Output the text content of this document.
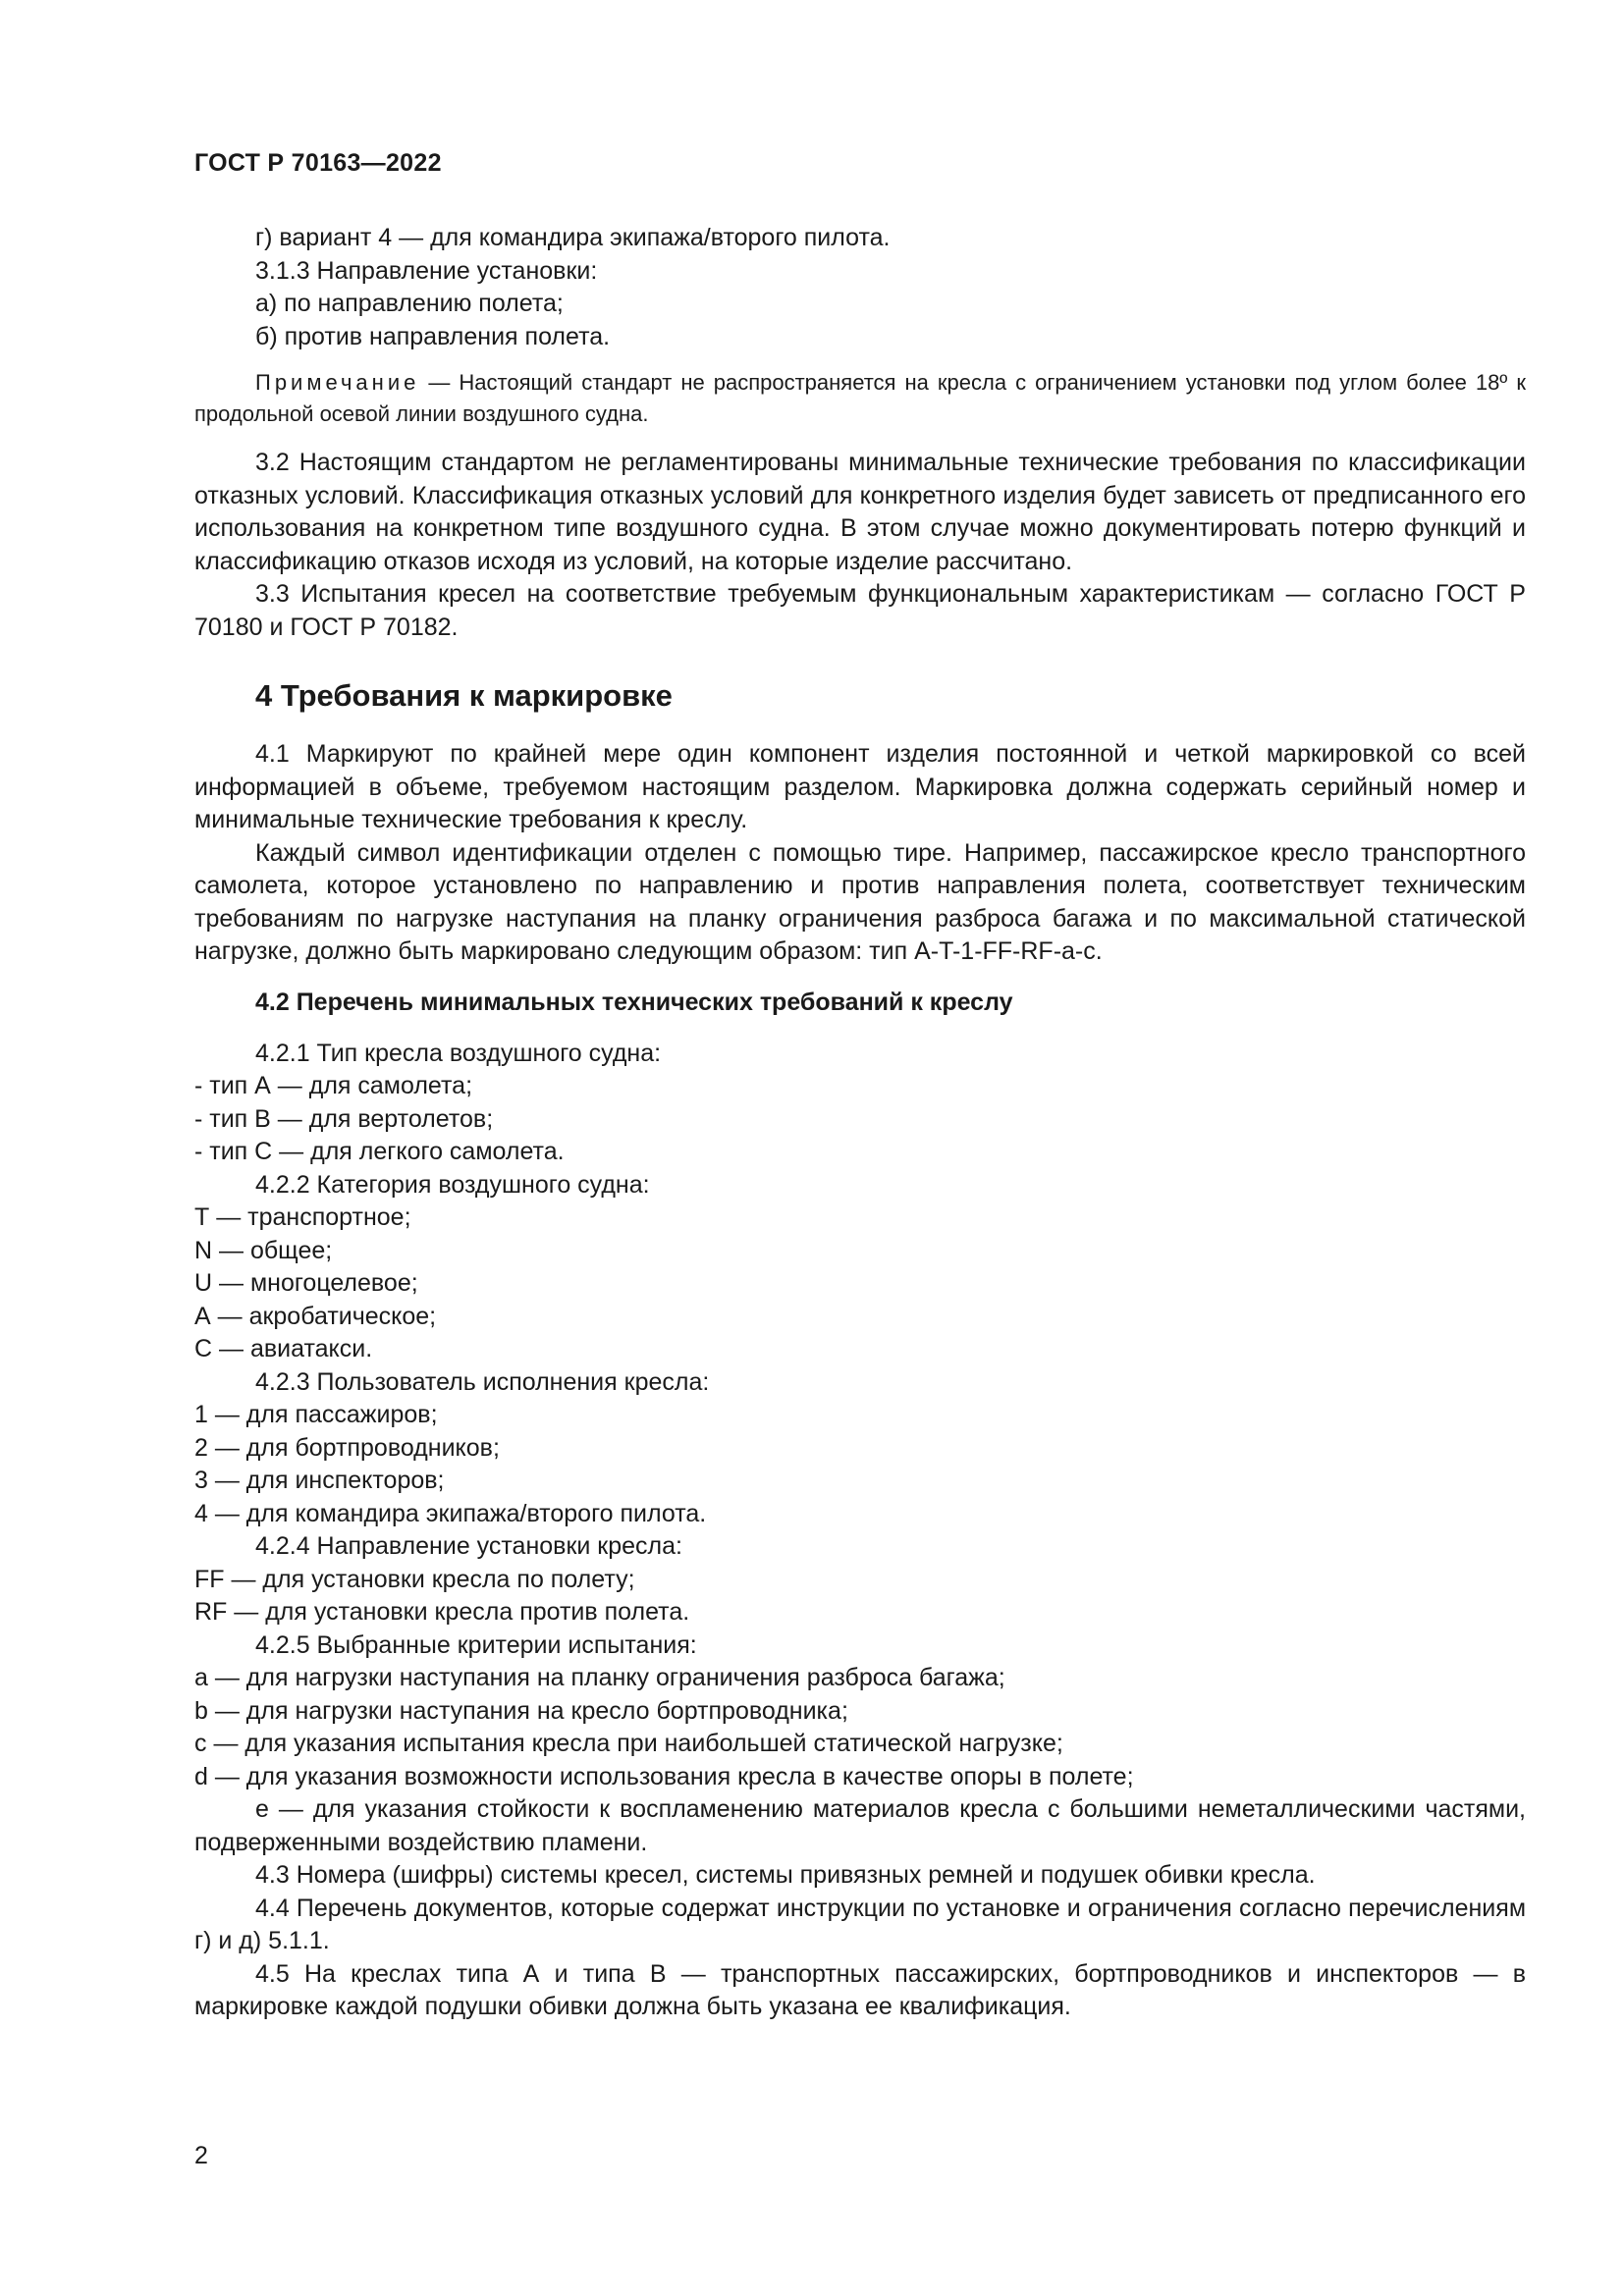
ГОСТ Р 70163—2022

г) вариант 4 — для командира экипажа/второго пилота.

3.1.3 Направление установки:

а) по направлению полета;

б) против направления полета.

Примечание — Настоящий стандарт не распространяется на кресла с ограничением установки под углом более 18º к продольной осевой линии воздушного судна.

3.2 Настоящим стандартом не регламентированы минимальные технические требования по классификации отказных условий. Классификация отказных условий для конкретного изделия будет зависеть от предписанного его использования на конкретном типе воздушного судна. В этом случае можно документировать потерю функций и классификацию отказов исходя из условий, на которые изделие рассчитано.

3.3 Испытания кресел на соответствие требуемым функциональным характеристикам — согласно ГОСТ Р 70180 и ГОСТ Р 70182.

4 Требования к маркировке

4.1 Маркируют по крайней мере один компонент изделия постоянной и четкой маркировкой со всей информацией в объеме, требуемом настоящим разделом. Маркировка должна содержать серийный номер и минимальные технические требования к креслу.

Каждый символ идентификации отделен с помощью тире. Например, пассажирское кресло транспортного самолета, которое установлено по направлению и против направления полета, соответствует техническим требованиям по нагрузке наступания на планку ограничения разброса багажа и по максимальной статической нагрузке, должно быть маркировано следующим образом: тип A-T-1-FF-RF-a-c.

4.2 Перечень минимальных технических требований к креслу

4.2.1 Тип кресла воздушного судна:

- тип А — для самолета;

- тип В — для вертолетов;

- тип С — для легкого самолета.

4.2.2 Категория воздушного судна:

Т — транспортное;

N — общее;

U — многоцелевое;

А — акробатическое;

С — авиатакси.

4.2.3 Пользователь исполнения кресла:

1 — для пассажиров;

2 — для бортпроводников;

3 — для инспекторов;

4 — для командира экипажа/второго пилота.

4.2.4 Направление установки кресла:

FF — для установки кресла по полету;

RF — для установки кресла против полета.

4.2.5 Выбранные критерии испытания:

a — для нагрузки наступания на планку ограничения разброса багажа;

b — для нагрузки наступания на кресло бортпроводника;

c — для указания испытания кресла при наибольшей статической нагрузке;

d — для указания возможности использования кресла в качестве опоры в полете;

e — для указания стойкости к воспламенению материалов кресла с большими неметаллическими частями, подверженными воздействию пламени.

4.3 Номера (шифры) системы кресел, системы привязных ремней и подушек обивки кресла.

4.4 Перечень документов, которые содержат инструкции по установке и ограничения согласно перечислениям г) и д) 5.1.1.

4.5 На креслах типа А и типа В — транспортных пассажирских, бортпроводников и инспекторов — в маркировке каждой подушки обивки должна быть указана ее квалификация.

2
